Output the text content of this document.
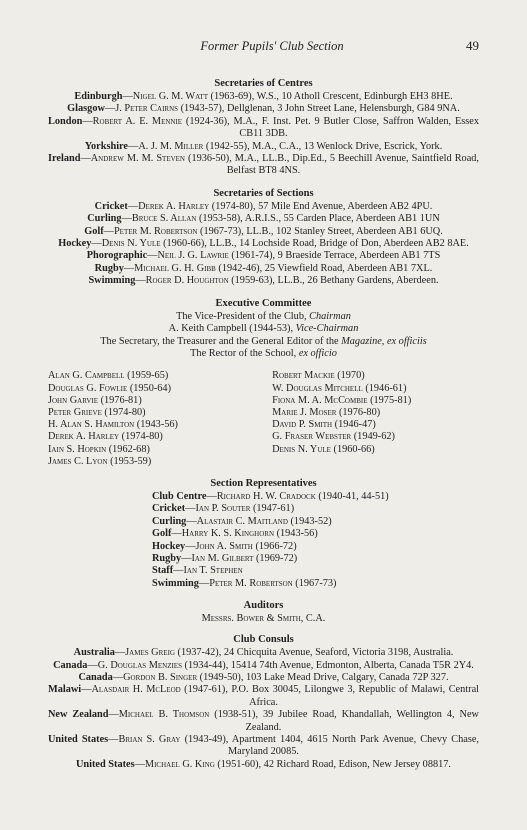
Former Pupils' Club Section	49
Secretaries of Centres
Edinburgh—Nigel G. M. Watt (1963-69), W.S., 10 Atholl Crescent, Edinburgh EH3 8HE.
Glasgow—J. Peter Cairns (1943-57), Dellglenan, 3 John Street Lane, Helensburgh, G84 9NA.
London—Robert A. E. Mennie (1924-36), M.A., F. Inst. Pet. 9 Butler Close, Saffron Walden, Essex CB11 3DB.
Yorkshire—A. J. M. Miller (1942-55), M.A., C.A., 13 Wenlock Drive, Escrick, York.
Ireland—Andrew M. M. Steven (1936-50), M.A., LL.B., Dip.Ed., 5 Beechill Avenue, Saintfield Road, Belfast BT8 4NS.
Secretaries of Sections
Cricket—Derek A. Harley (1974-80), 57 Mile End Avenue, Aberdeen AB2 4PU.
Curling—Bruce S. Allan (1953-58), A.R.I.S., 55 Carden Place, Aberdeen AB1 1UN
Golf—Peter M. Robertson (1967-73), LL.B., 102 Stanley Street, Aberdeen AB1 6UQ.
Hockey—Denis N. Yule (1960-66), LL.B., 14 Lochside Road, Bridge of Don, Aberdeen AB2 8AE.
Phorographic—Neil J. G. Lawrie (1961-74), 9 Braeside Terrace, Aberdeen AB1 7TS
Rugby—Michael G. H. Gibb (1942-46), 25 Viewfield Road, Aberdeen AB1 7XL.
Swimming—Roger D. Houghton (1959-63), LL.B., 26 Bethany Gardens, Aberdeen.
Executive Committee
The Vice-President of the Club, Chairman
A. Keith Campbell (1944-53), Vice-Chairman
The Secretary, the Treasurer and the General Editor of the Magazine, ex officiis
The Rector of the School, ex officio
Alan G. Campbell (1959-65)
Douglas G. Fowlie (1950-64)
John Garvie (1976-81)
Peter Grieve (1974-80)
H. Alan S. Hamilton (1943-56)
Derek A. Harley (1974-80)
Iain S. Hopkin (1962-68)
James C. Lyon (1953-59)
Robert Mackie (1970)
W. Douglas Mitchell (1946-61)
Fiona M. A. McCombie (1975-81)
Marie J. Moser (1976-80)
David P. Smith (1946-47)
G. Fraser Webster (1949-62)
Denis N. Yule (1960-66)
Section Representatives
Club Centre—Richard H. W. Cradock (1940-41, 44-51)
Cricket—Ian P. Souter (1947-61)
Curling—Alastair C. Maitland (1943-52)
Golf—Harry K. S. Kinghorn (1943-56)
Hockey—John A. Smith (1966-72)
Rugby—Ian M. Gilbert (1969-72)
Staff—Ian T. Stephen
Swimming—Peter M. Robertson (1967-73)
Auditors
Messrs. Bower & Smith, C.A.
Club Consuls
Australia—James Greig (1937-42), 24 Chicquita Avenue, Seaford, Victoria 3198, Australia.
Canada—G. Douglas Menzies (1934-44), 15414 74th Avenue, Edmonton, Alberta, Canada T5R 2Y4.
Canada—Gordon B. Singer (1949-50), 103 Lake Mead Drive, Calgary, Canada 72P 327.
Malawi—Alasdair H. McLeod (1947-61), P.O. Box 30045, Lilongwe 3, Republic of Malawi, Central Africa.
New Zealand—Michael B. Thomson (1938-51), 39 Jubilee Road, Khandallah, Wellington 4, New Zealand.
United States—Brian S. Gray (1943-49), Apartment 1404, 4615 North Park Avenue, Chevy Chase, Maryland 20085.
United States—Michael G. King (1951-60), 42 Richard Road, Edison, New Jersey 08817.
